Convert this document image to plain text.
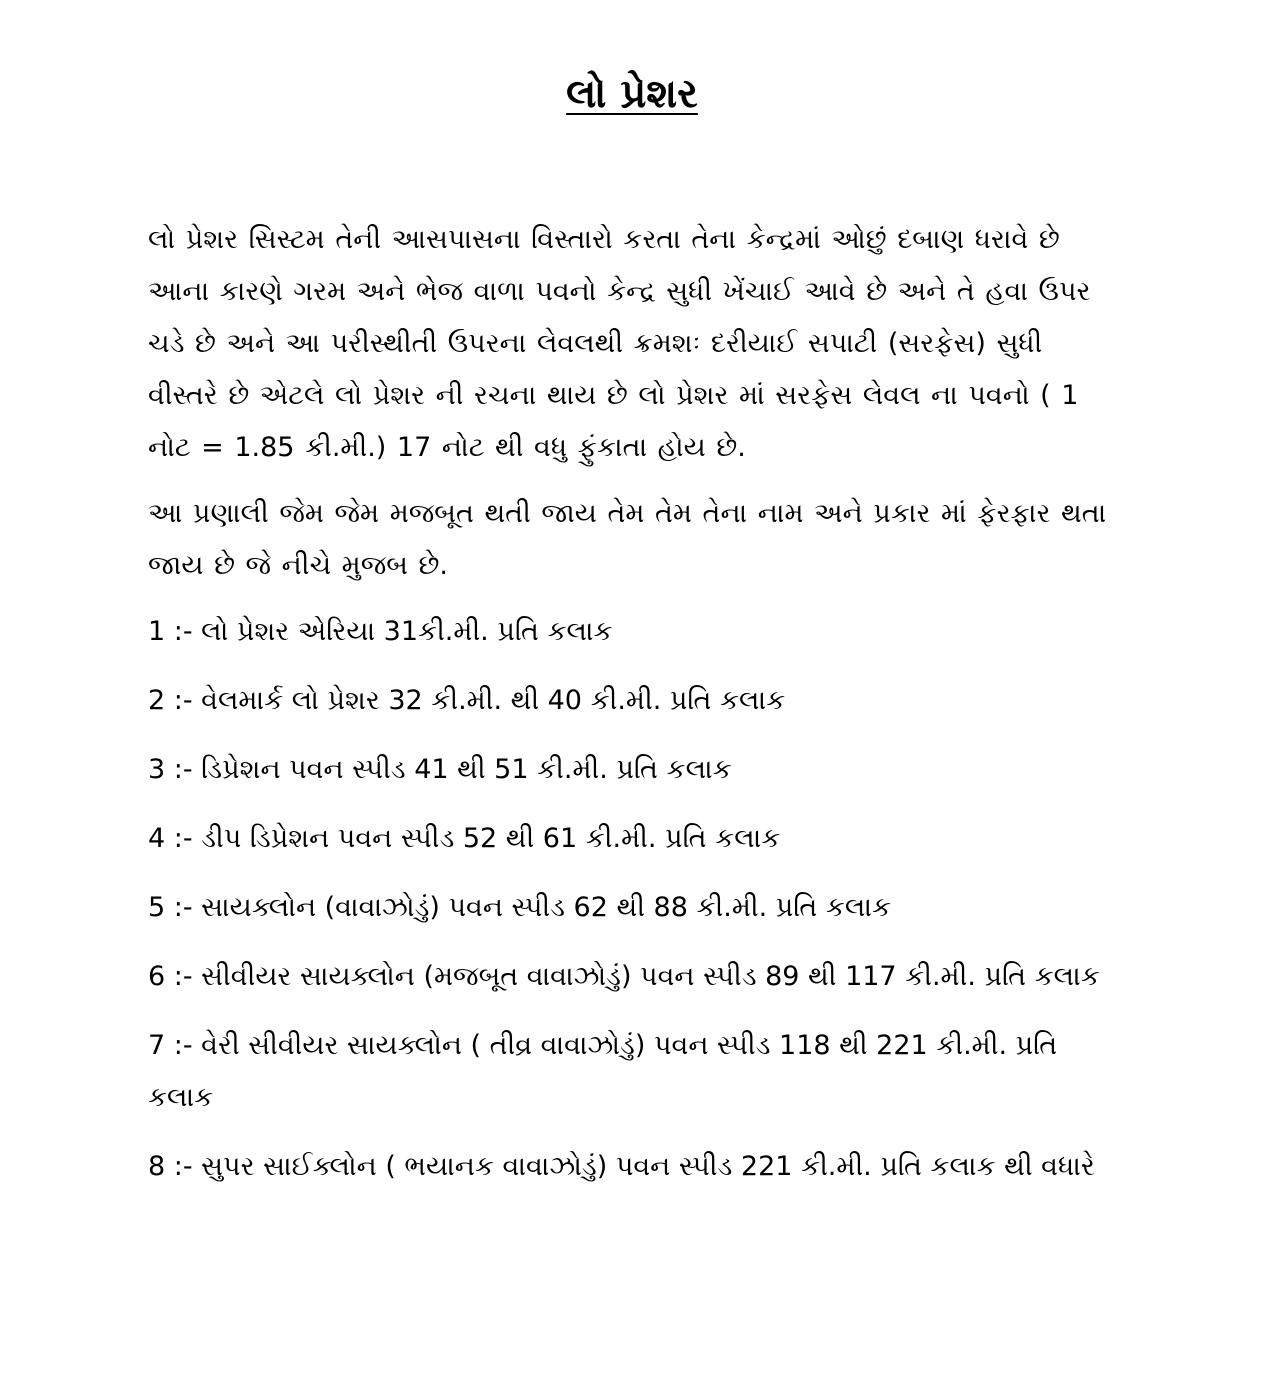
લો પ્રેશર

લો પ્રેશર સિસ્ટમ તેની આસપાસના વિસ્તારો કરતા તેના કેન્દ્રમાં ઓછું દબાણ ધરાવે છે આના કારણે ગરમ અને ભેજ વાળા પવનો કેન્દ્ર સુધી ખેંચાઈ આવે છે અને તે હવા ઉપર ચડે છે અને આ પરીસ્થીતી ઉપરના લેવલથી ક્રમશઃ દરીયાઈ સપાટી (સરફેસ) સુધી વીસ્તરે છે એટલે લો પ્રેશર ની રચના થાય છે લો પ્રેશર માં સરફેસ લેવલ ના પવનો ( 1 નોટ = 1.85 કી.મી.) 17 નોટ થી વધુ ફુંકાતા હોય છે.

આ પ્રણાલી જેમ જેમ મજબૂત થતી જાય તેમ તેમ તેના નામ અને પ્રકાર માં ફેરફાર થતા જાય છે જે નીચે મુજબ છે.

1 :- લો પ્રેશર એરિયા 31કી.મી. પ્રતિ કલાક

2 :- વેલમાર્ક લો પ્રેશર 32 કી.મી. થી 40 કી.મી. પ્રતિ કલાક

3 :- ડિપ્રેશન પવન સ્પીડ 41 થી 51 કી.મી. પ્રતિ કલાક

4 :- ડીપ ડિપ્રેશન પવન સ્પીડ 52 થી 61 કી.મી. પ્રતિ કલાક

5 :- સાયક્લોન (વાવાઝોડું) પવન સ્પીડ 62 થી 88 કી.મી. પ્રતિ કલાક

6 :- સીવીયર સાયક્લોન (મજબૂત વાવાઝોડું) પવન સ્પીડ 89 થી 117 કી.મી. પ્રતિ કલાક

7 :- વેરી સીવીયર સાયક્લોન ( તીવ્ર વાવાઝોડું) પવન સ્પીડ 118 થી 221 કી.મી. પ્રતિ કલાક

8 :- સુપર સાઈક્લોન ( ભયાનક વાવાઝોડું) પવન સ્પીડ 221 કી.મી. પ્રતિ કલાક થી વધારે
